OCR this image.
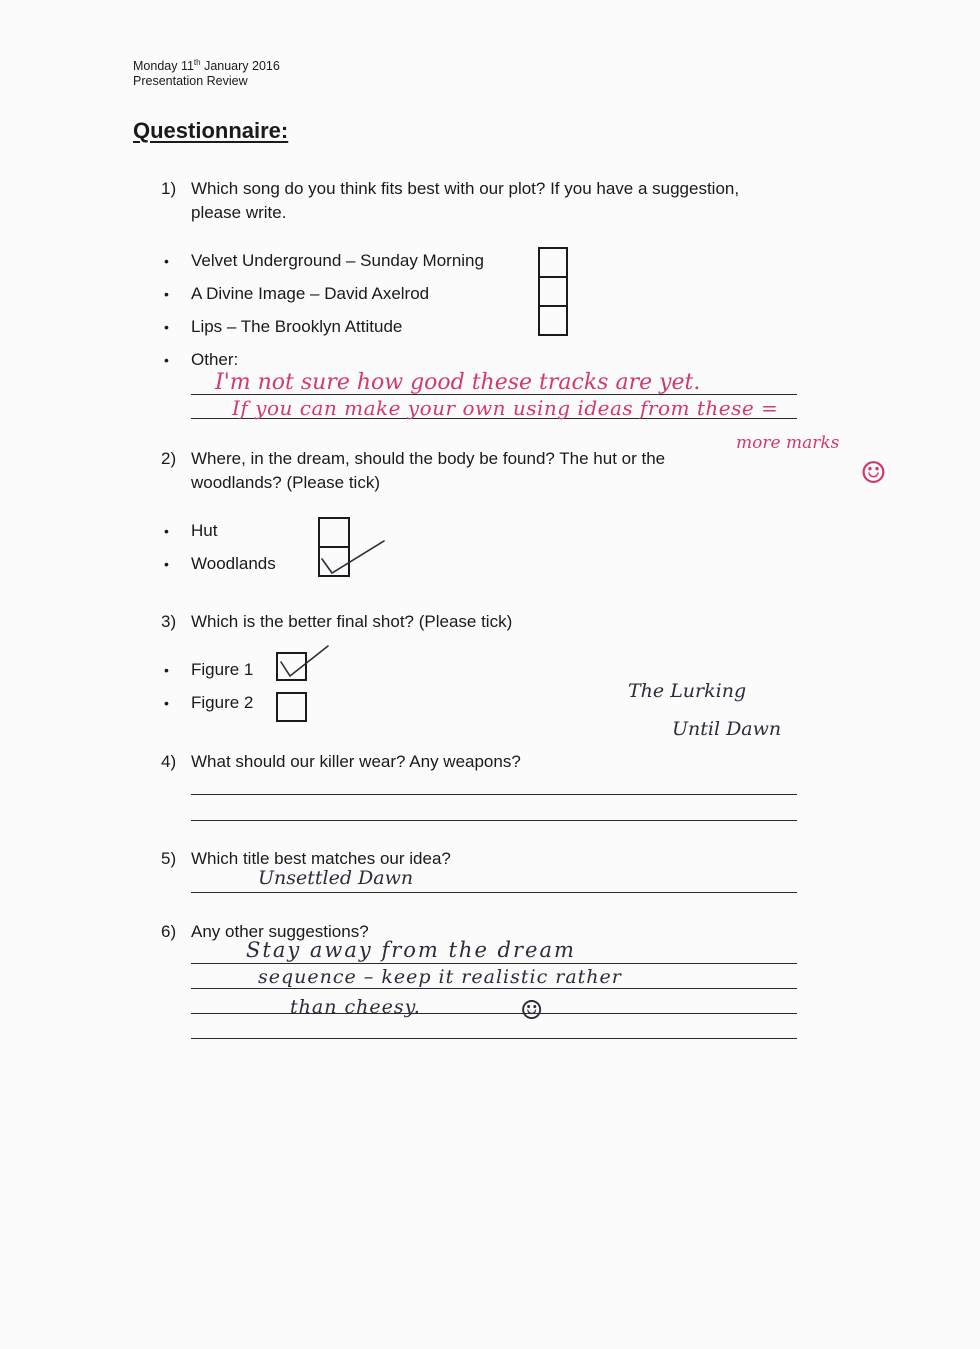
Monday 11th January 2016
Presentation Review
Questionnaire:
1) Which song do you think fits best with our plot? If you have a suggestion,
please write.
• Velvet Underground – Sunday Morning
• A Divine Image – David Axelrod
• Lips – The Brooklyn Attitude
• Other:
I'm not sure how good these tracks are yet.
If you can make your own using ideas from these =
more marks
☺
2) Where, in the dream, should the body be found? The hut or the
woodlands? (Please tick)
• Hut
• Woodlands
3) Which is the better final shot? (Please tick)
• Figure 1
• Figure 2
The Lurking
Until Dawn
4) What should our killer wear? Any weapons?
5) Which title best matches our idea?
Unsettled Dawn
6) Any other suggestions?
Stay away from the dream
sequence – keep it realistic rather
than cheesy.	☺
